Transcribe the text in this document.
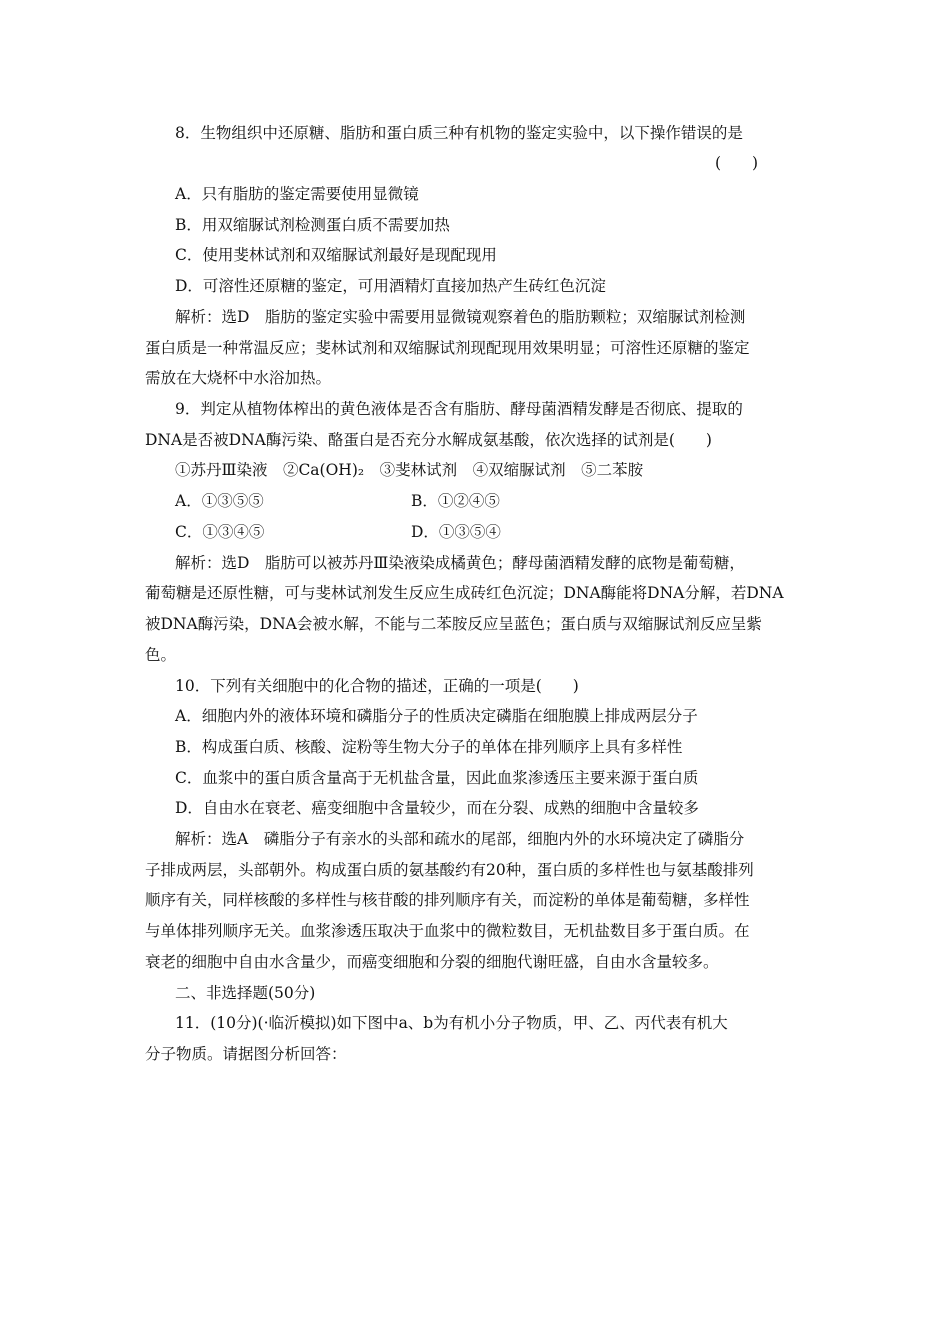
8．生物组织中还原糖、脂肪和蛋白质三种有机物的鉴定实验中，以下操作错误的是
(　　)
A．只有脂肪的鉴定需要使用显微镜
B．用双缩脲试剂检测蛋白质不需要加热
C．使用斐林试剂和双缩脲试剂最好是现配现用
D．可溶性还原糖的鉴定，可用酒精灯直接加热产生砖红色沉淀
解析：选D　脂肪的鉴定实验中需要用显微镜观察着色的脂肪颗粒；双缩脲试剂检测
蛋白质是一种常温反应；斐林试剂和双缩脲试剂现配现用效果明显；可溶性还原糖的鉴定
需放在大烧杯中水浴加热。
9．判定从植物体榨出的黄色液体是否含有脂肪、酵母菌酒精发酵是否彻底、提取的
DNA是否被DNA酶污染、酪蛋白是否充分水解成氨基酸，依次选择的试剂是(　　)
①苏丹Ⅲ染液　②Ca(OH)₂　③斐林试剂　④双缩脲试剂　⑤二苯胺
A．①③⑤⑤	B．①②④⑤
C．①③④⑤	D．①③⑤④
解析：选D　脂肪可以被苏丹Ⅲ染液染成橘黄色；酵母菌酒精发酵的底物是葡萄糖，
葡萄糖是还原性糖，可与斐林试剂发生反应生成砖红色沉淀；DNA酶能将DNA分解，若DNA
被DNA酶污染，DNA会被水解，不能与二苯胺反应呈蓝色；蛋白质与双缩脲试剂反应呈紫
色。
10．下列有关细胞中的化合物的描述，正确的一项是(　　)
A．细胞内外的液体环境和磷脂分子的性质决定磷脂在细胞膜上排成两层分子
B．构成蛋白质、核酸、淀粉等生物大分子的单体在排列顺序上具有多样性
C．血浆中的蛋白质含量高于无机盐含量，因此血浆渗透压主要来源于蛋白质
D．自由水在衰老、癌变细胞中含量较少，而在分裂、成熟的细胞中含量较多
解析：选A　磷脂分子有亲水的头部和疏水的尾部，细胞内外的水环境决定了磷脂分
子排成两层，头部朝外。构成蛋白质的氨基酸约有20种，蛋白质的多样性也与氨基酸排列
顺序有关，同样核酸的多样性与核苷酸的排列顺序有关，而淀粉的单体是葡萄糖，多样性
与单体排列顺序无关。血浆渗透压取决于血浆中的微粒数目，无机盐数目多于蛋白质。在
衰老的细胞中自由水含量少，而癌变细胞和分裂的细胞代谢旺盛，自由水含量较多。
二、非选择题(50分)
11．(10分)(·临沂模拟)如下图中a、b为有机小分子物质，甲、乙、丙代表有机大
分子物质。请据图分析回答：
